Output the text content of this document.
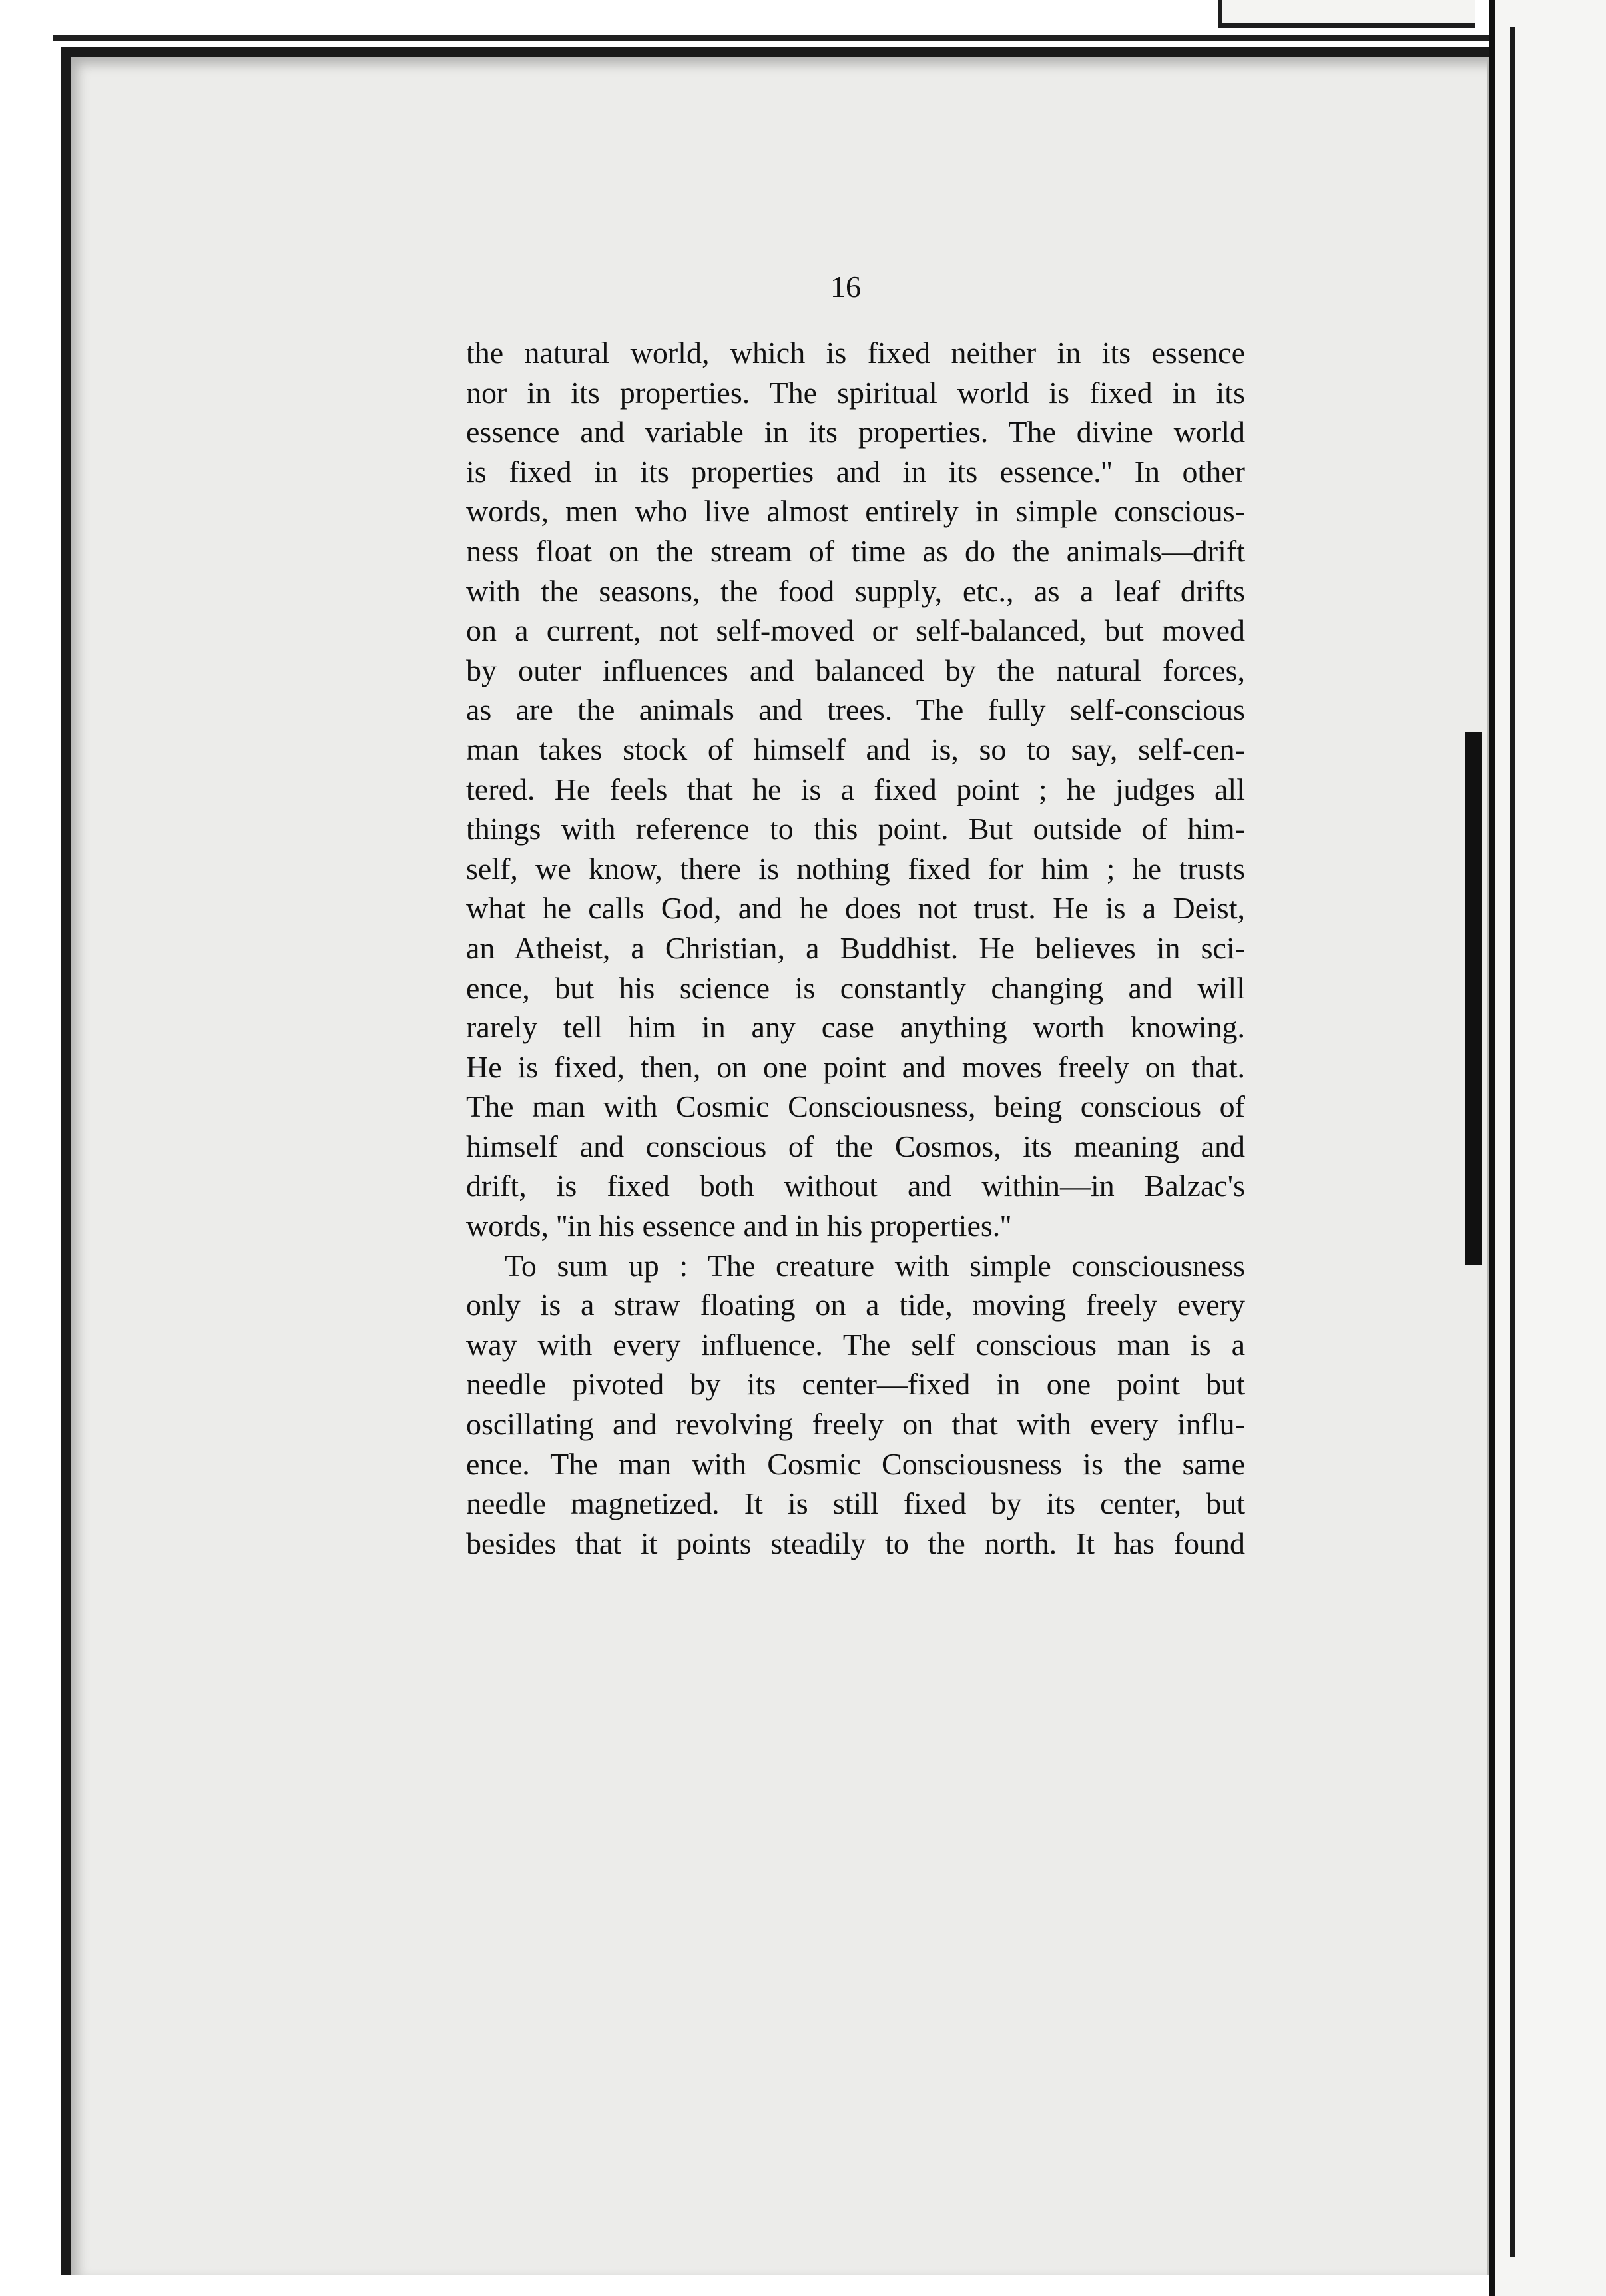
16
the natural world, which is fixed neither in its essence
nor in its properties. The spiritual world is fixed in its
essence and variable in its properties. The divine world
is fixed in its properties and in its essence.'' In other
words, men who live almost entirely in simple conscious-
ness float on the stream of time as do the animals—drift
with the seasons, the food supply, etc., as a leaf drifts
on a current, not self-moved or self-balanced, but moved
by outer influences and balanced by the natural forces,
as are the animals and trees. The fully self-conscious
man takes stock of himself and is, so to say, self-cen-
tered. He feels that he is a fixed point ; he judges all
things with reference to this point. But outside of him-
self, we know, there is nothing fixed for him ; he trusts
what he calls God, and he does not trust. He is a Deist,
an Atheist, a Christian, a Buddhist. He believes in sci-
ence, but his science is constantly changing and will
rarely tell him in any case anything worth knowing.
He is fixed, then, on one point and moves freely on that.
The man with Cosmic Consciousness, being conscious of
himself and conscious of the Cosmos, its meaning and
drift, is fixed both without and within—in Balzac's
words, ''in his essence and in his properties.''
To sum up : The creature with simple consciousness
only is a straw floating on a tide, moving freely every
way with every influence. The self conscious man is a
needle pivoted by its center—fixed in one point but
oscillating and revolving freely on that with every influ-
ence. The man with Cosmic Consciousness is the same
needle magnetized. It is still fixed by its center, but
besides that it points steadily to the north. It has found
